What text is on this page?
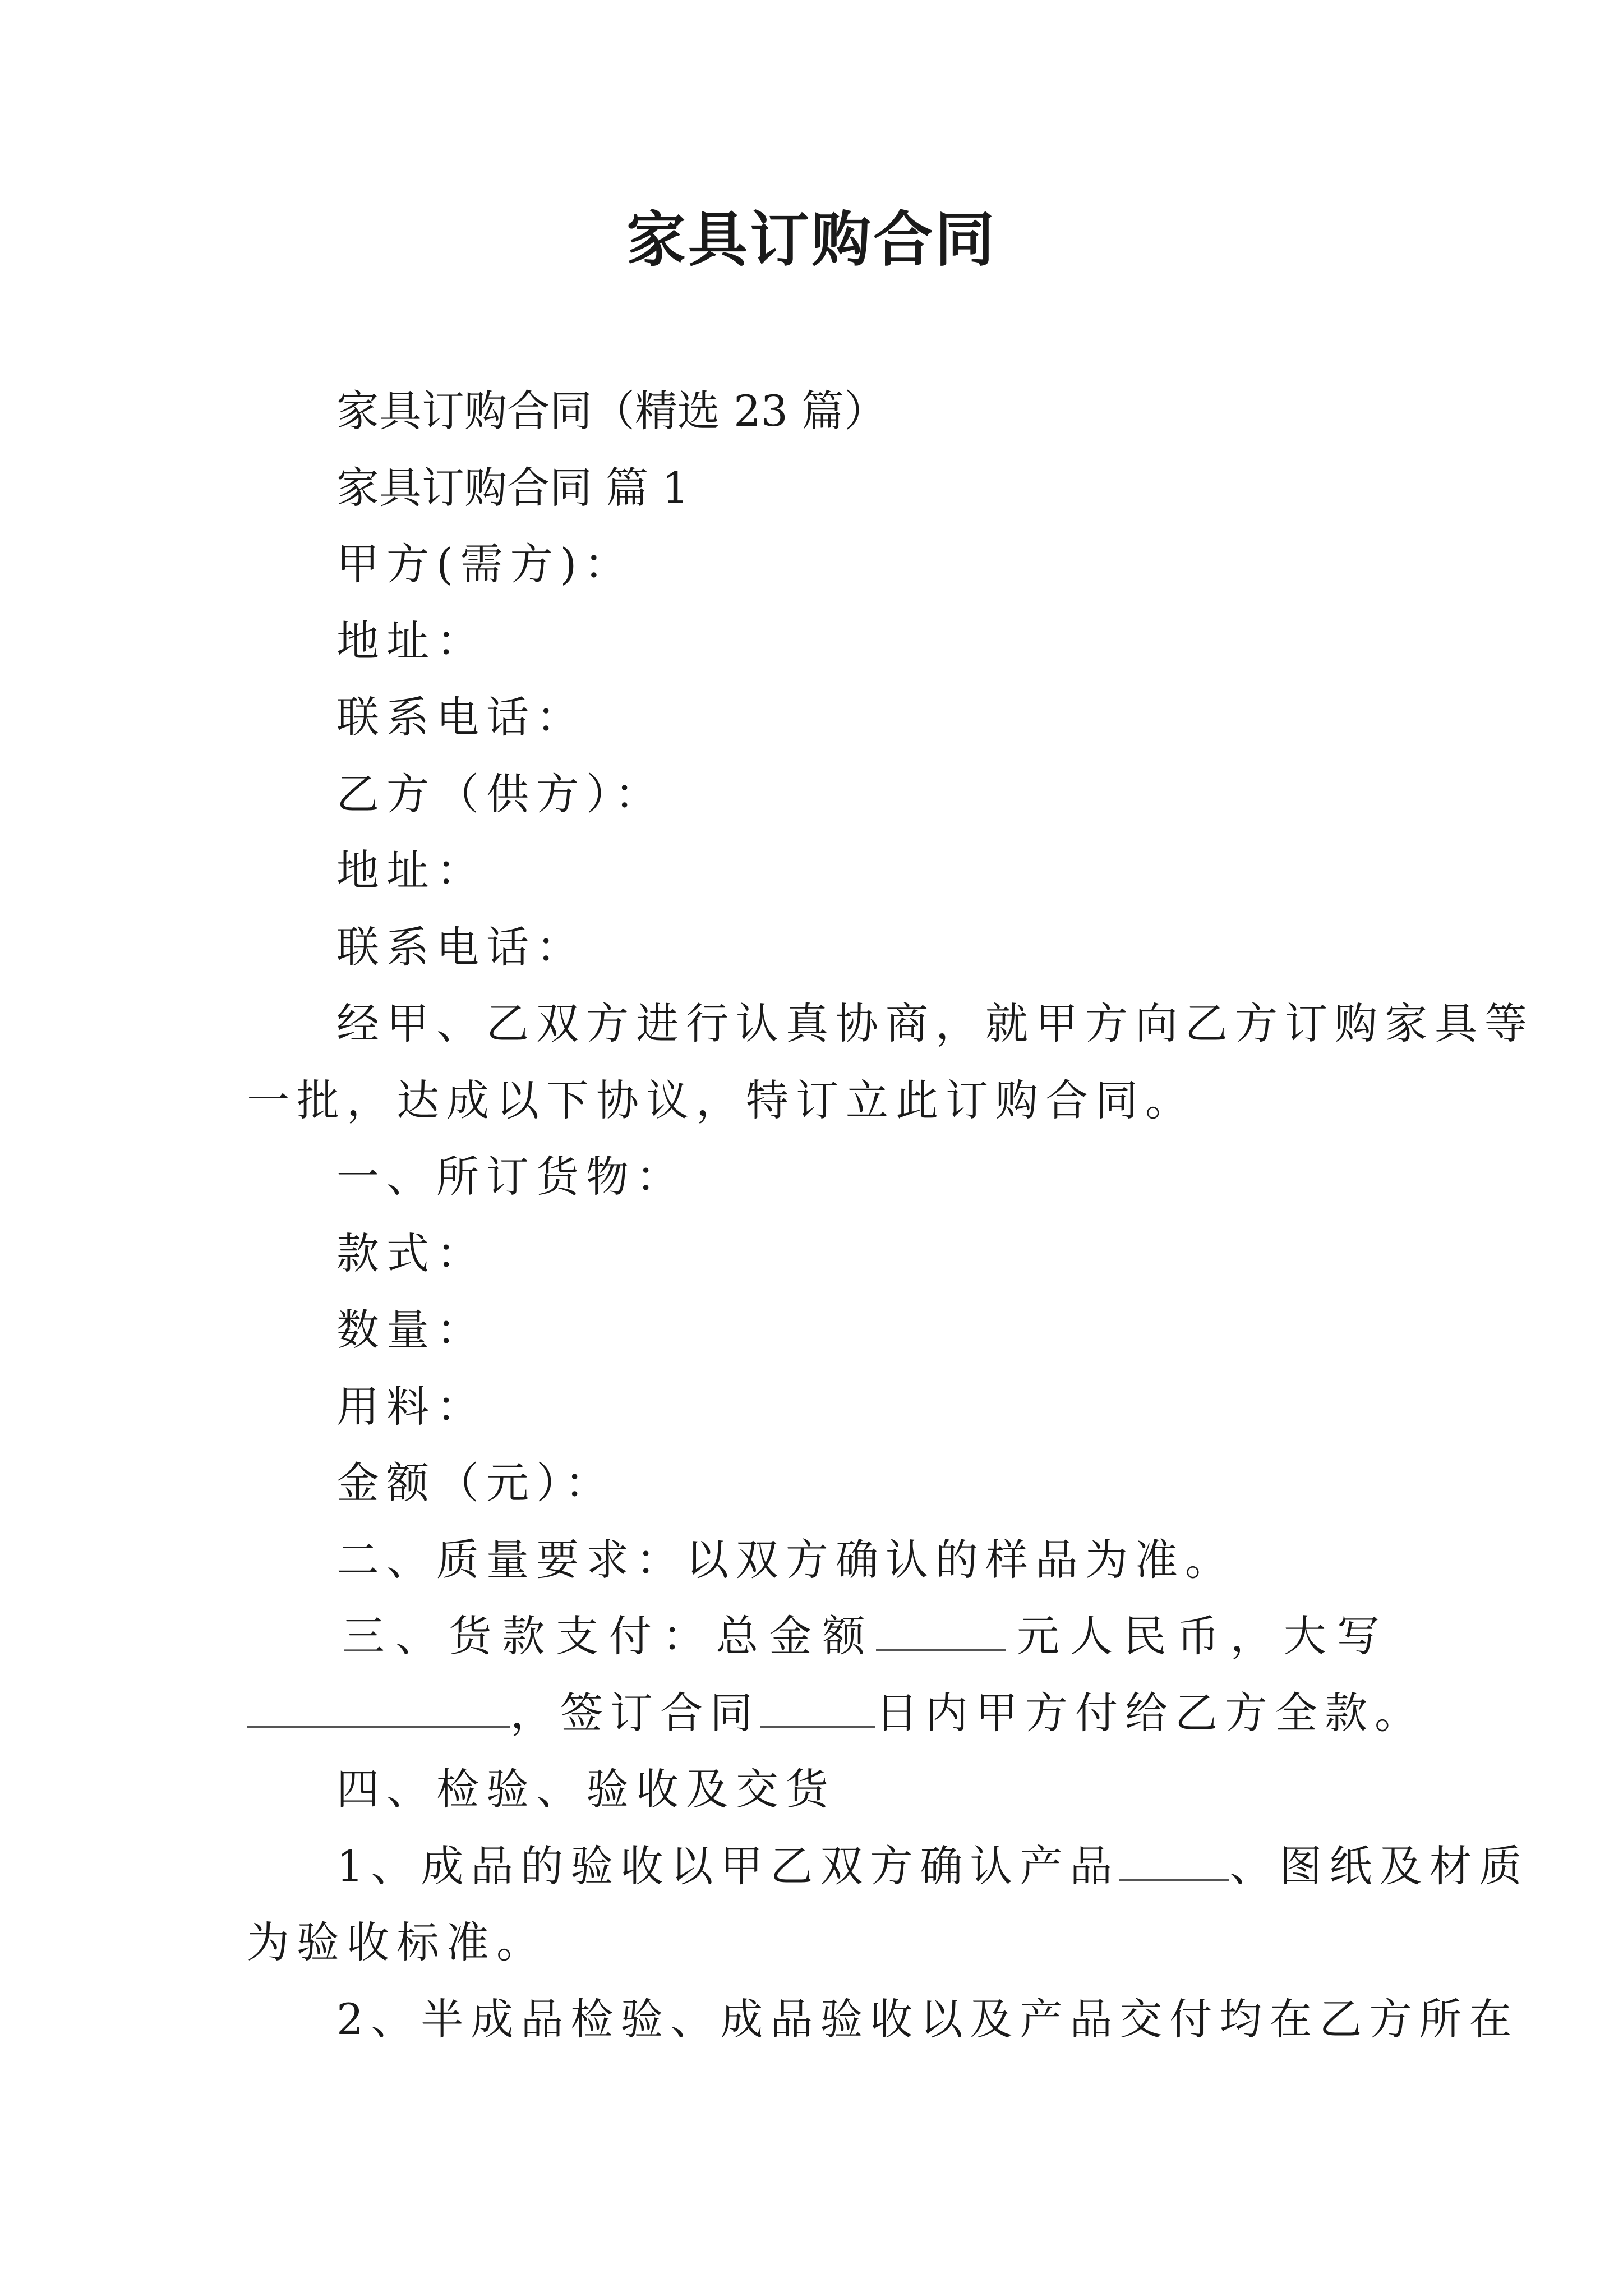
家具订购合同
家具订购合同（精选 23 篇）
家具订购合同 篇 1
甲方(需方)：
地址：
联系电话：
乙方（供方）：
地址：
联系电话：
经甲、乙双方进行认真协商，就甲方向乙方订购家具等
一批，达成以下协议，特订立此订购合同。
一、所订货物：
款式：
数量：
用料：
金额（元）：
二、质量要求：以双方确认的样品为准。
三 、 货 款 支 付 ： 总 金 额	元 人 民 币 ， 大 写
，签订合同	日内甲方付给乙方全款。
四、检验、验收及交货
1、成品的验收以甲乙双方确认产品	、图纸及材质
为验收标准。
2、半成品检验、成品验收以及产品交付均在乙方所在
